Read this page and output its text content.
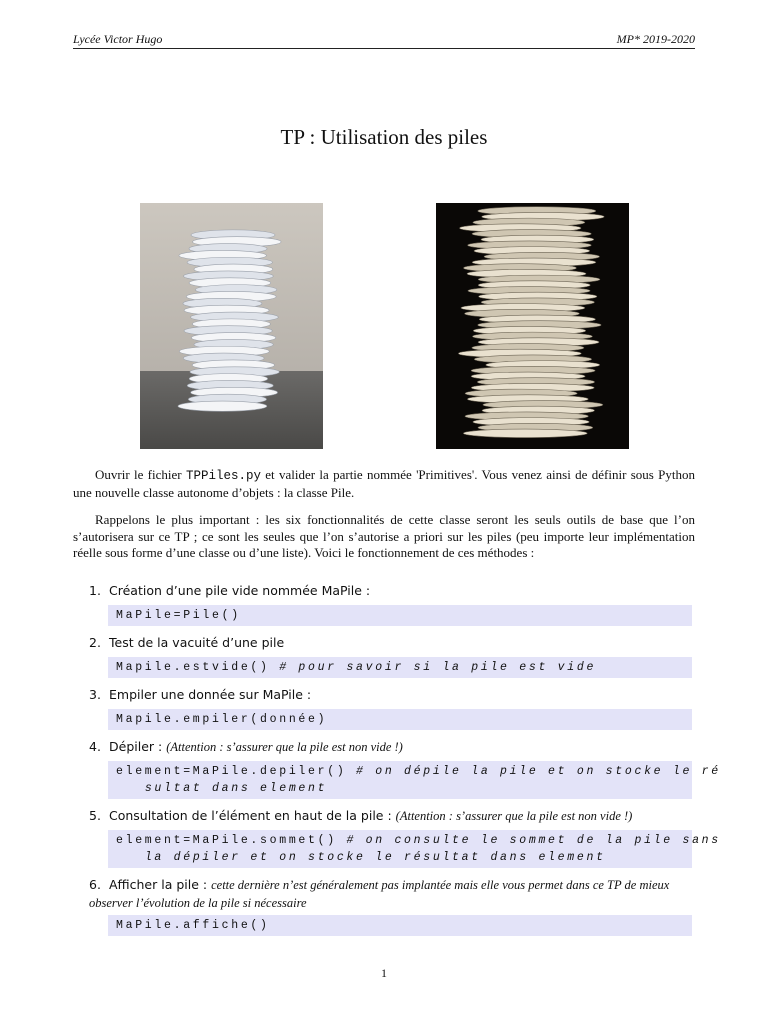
Lycée Victor Hugo	MP* 2019-2020
TP : Utilisation des piles
Ouvrir le fichier TPPiles.py et valider la partie nommée 'Primitives'. Vous venez ainsi de définir sous Python une nouvelle classe autonome d’objets : la classe Pile.
Rappelons le plus important : les six fonctionnalités de cette classe seront les seuls outils de base que l’on s’autorisera sur ce TP ; ce sont les seules que l’on s’autorise a priori sur les piles (peu importe leur implémentation réelle sous forme d’une classe ou d’une liste). Voici le fonctionnement de ces méthodes :
1. Création d’une pile vide nommée MaPile :
MaPile=Pile()
2. Test de la vacuité d’une pile
Mapile.estvide() # pour savoir si la pile est vide
3. Empiler une donnée sur MaPile :
Mapile.empiler(donnée)
4. Dépiler : (Attention : s’assurer que la pile est non vide !)
element=MaPile.depiler() # on dépile la pile et on stocke le ré
sultat dans element
5. Consultation de l’élément en haut de la pile : (Attention : s’assurer que la pile est non vide !)
element=MaPile.sommet() # on consulte le sommet de la pile sans
la dépiler et on stocke le résultat dans element
6. Afficher la pile : cette dernière n’est généralement pas implantée mais elle vous permet dans ce TP de mieux observer l’évolution de la pile si nécessaire
MaPile.affiche()
1
